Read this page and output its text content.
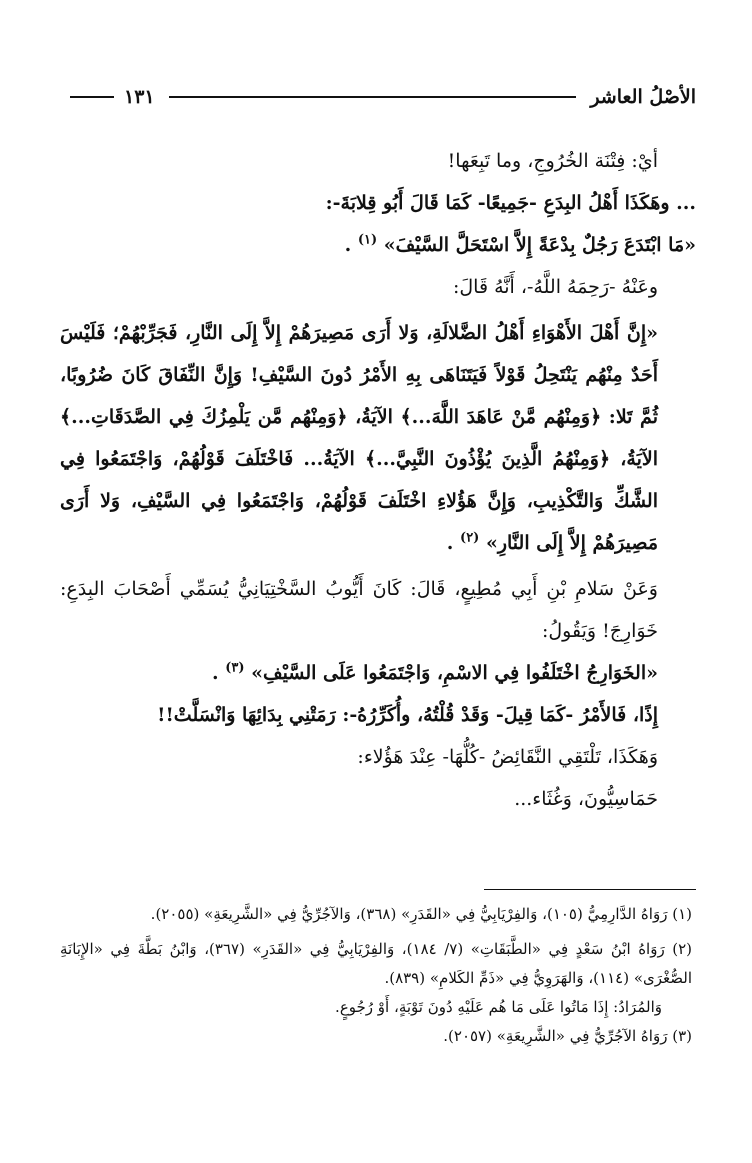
الأصْلُ العاشر
١٣١

أيْ: فِتْنَة الخُرُوجِ، وما تَبِعَها!

... وهَكَذَا أَهْلُ البِدَعِ -جَمِيعًا- كَمَا قَالَ أَبُو قِلابَةَ-:

«مَا ابْتَدَعَ رَجُلٌ بِدْعَةً إِلاَّ اسْتَحَلَّ السَّيْفَ» $^{(١)}$ .

وعَنْهُ -رَحِمَهُ اللَّهُ-، أَنَّهُ قَالَ:

«إِنَّ أَهْلَ الأَهْوَاءِ أَهْلُ الضَّلالَةِ، وَلا أَرَى مَصِيرَهُمْ إِلاَّ إِلَى النَّارِ، فَجَرِّبْهُمْ؛ فَلَيْسَ أَحَدٌ مِنْهُم يَنْتَحِلُ قَوْلاً فَيَتَنَاهَى بِهِ الأَمْرُ دُونَ السَّيْفِ! وَإِنَّ النِّفَاقَ كَانَ ضُرُوبًا، ثُمَّ تَلا: ﴿وَمِنْهُم مَّنْ عَاهَدَ اللَّهَ...﴾ الآيَةُ، ﴿وَمِنْهُم مَّن يَلْمِزُكَ فِي الصَّدَقَاتِ...﴾ الآيَةُ، ﴿وَمِنْهُمُ الَّذِينَ يُؤْذُونَ النَّبِيَّ...﴾ الآيَةُ... فَاخْتَلَفَ قَوْلُهُمْ، وَاجْتَمَعُوا فِي الشَّكِّ وَالتَّكْذِيبِ، وَإِنَّ هَؤُلاءِ اخْتَلَفَ قَوْلُهُمْ، وَاجْتَمَعُوا فِي السَّيْفِ، وَلا أَرَى مَصِيرَهُمْ إِلاَّ إِلَى النَّارِ» $^{(٢)}$ .

وَعَنْ سَلامِ بْنِ أَبِي مُطِيعٍ، قَالَ: كَانَ أَيُّوبُ السَّخْتِيَانِيُّ يُسَمِّي أَصْحَابَ البِدَعِ: خَوَارِجَ! وَيَقُولُ:

«الخَوَارِجُ اخْتَلَفُوا فِي الاسْمِ، وَاجْتَمَعُوا عَلَى السَّيْفِ» $^{(٣)}$ .

إِذًا، فَالأَمْرُ -كَمَا قِيلَ- وَقَدْ قُلْتُهُ، وأُكَرِّرُهُ-: رَمَتْنِي بِدَائِهَا وَانْسَلَّتْ!!

وَهَكَذَا، تَلْتَقِي النَّقَائِضُ -كُلُّهَا- عِنْدَ هَؤُلاء:

حَمَاسِيُّونَ، وَغُثَاء...

(١) رَوَاهُ الدَّارِمِيُّ (١٠٥)، وَالفِرْيَابِيُّ فِي «القَدَرِ» (٣٦٨)، وَالآجُرِّيُّ فِي «الشَّرِيعَةِ» (٢٠٥٥).

(٢) رَوَاهُ ابْنُ سَعْدٍ فِي «الطَّبَقَاتِ» (٧/ ١٨٤)، وَالفِرْيَابِيُّ فِي «القَدَرِ» (٣٦٧)، وَابْنُ بَطَّةَ فِي «الإِبَانَةِ الصُّغْرَى» (١١٤)، وَالهَرَوِيُّ فِي «ذَمِّ الكَلامِ» (٨٣٩).

وَالمُرَادُ: إِذَا مَاتُوا عَلَى مَا هُم عَلَيْهِ دُونَ تَوْبَةٍ، أَوْ رُجُوعٍ.

(٣) رَوَاهُ الآجُرِّيُّ فِي «الشَّرِيعَةِ» (٢٠٥٧).
